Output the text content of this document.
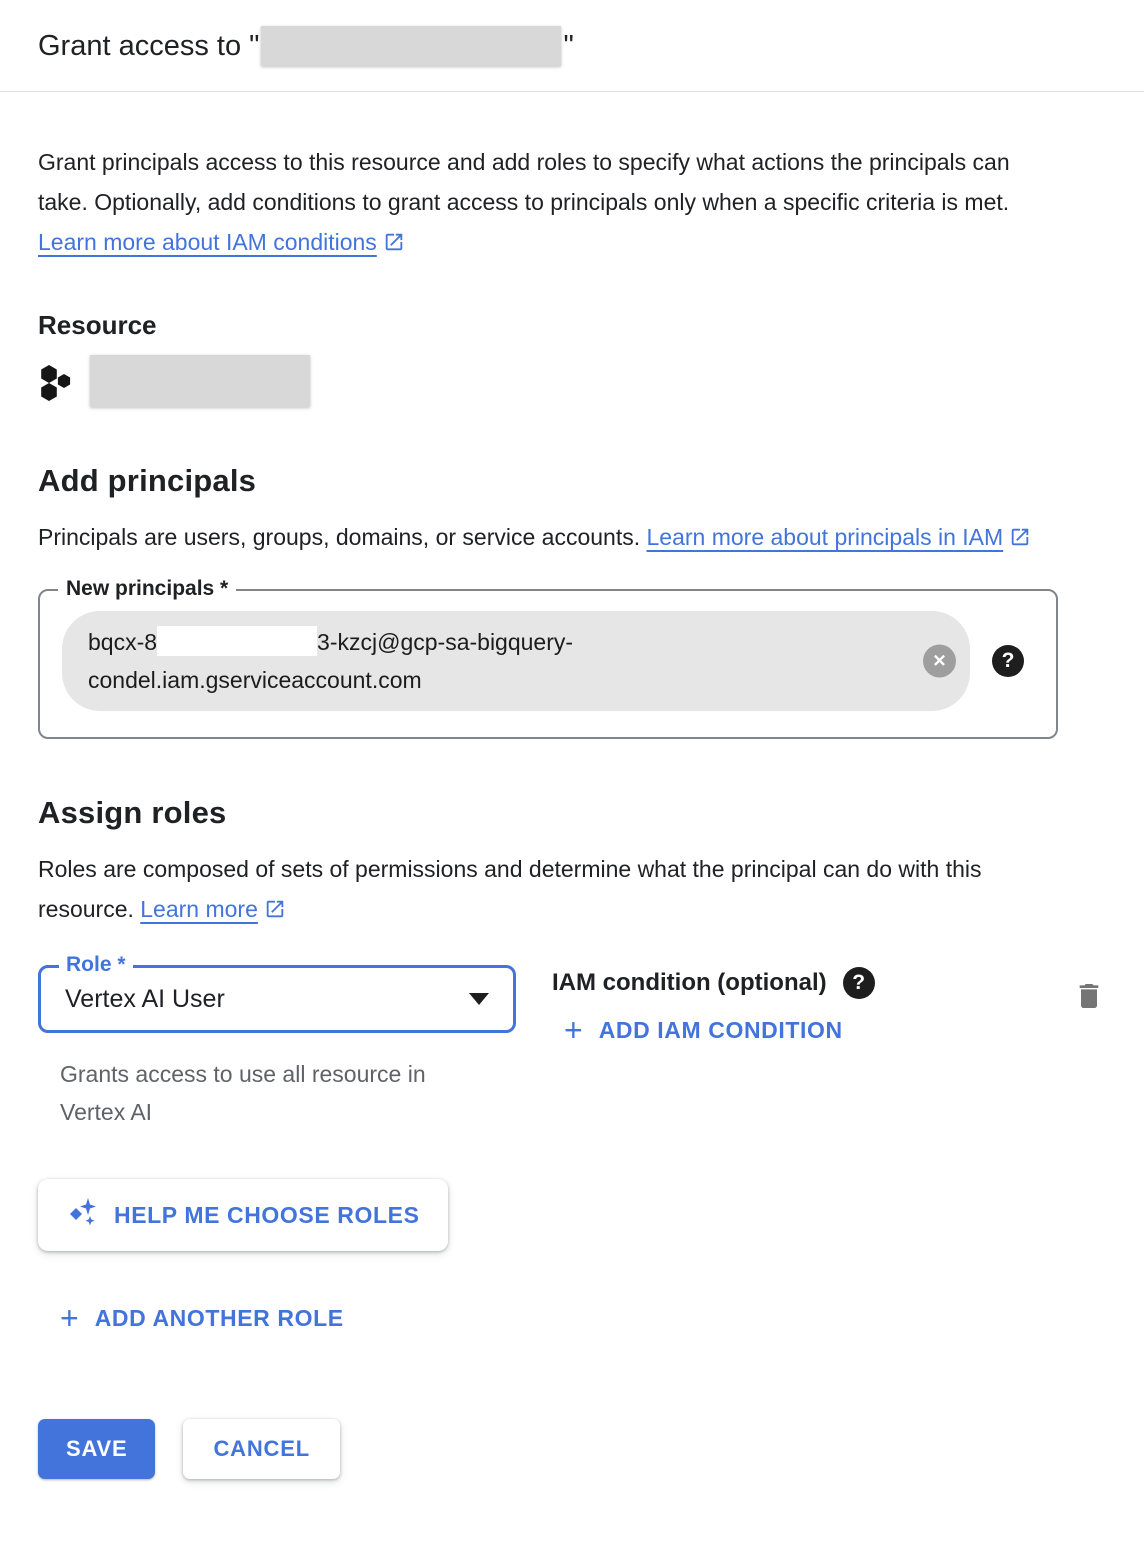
Grant access to "	"

Grant principals access to this resource and add roles to specify what actions the principals can take. Optionally, add conditions to grant access to principals only when a specific criteria is met. Learn more about IAM conditions

Resource
Add principals

Principals are users, groups, domains, or service accounts. Learn more about principals in IAM

New principals *
bqcx-8	3-kzcj@gcp-sa-bigquery-
condel.iam.gserviceaccount.com
✕	?
Assign roles

Roles are composed of sets of permissions and determine what the principal can do with this resource. Learn more

Role *
Vertex AI User

Grants access to use all resource in Vertex AI

IAM condition (optional)	?
+ ADD IAM CONDITION
HELP ME CHOOSE ROLES
+ ADD ANOTHER ROLE
SAVE	CANCEL
